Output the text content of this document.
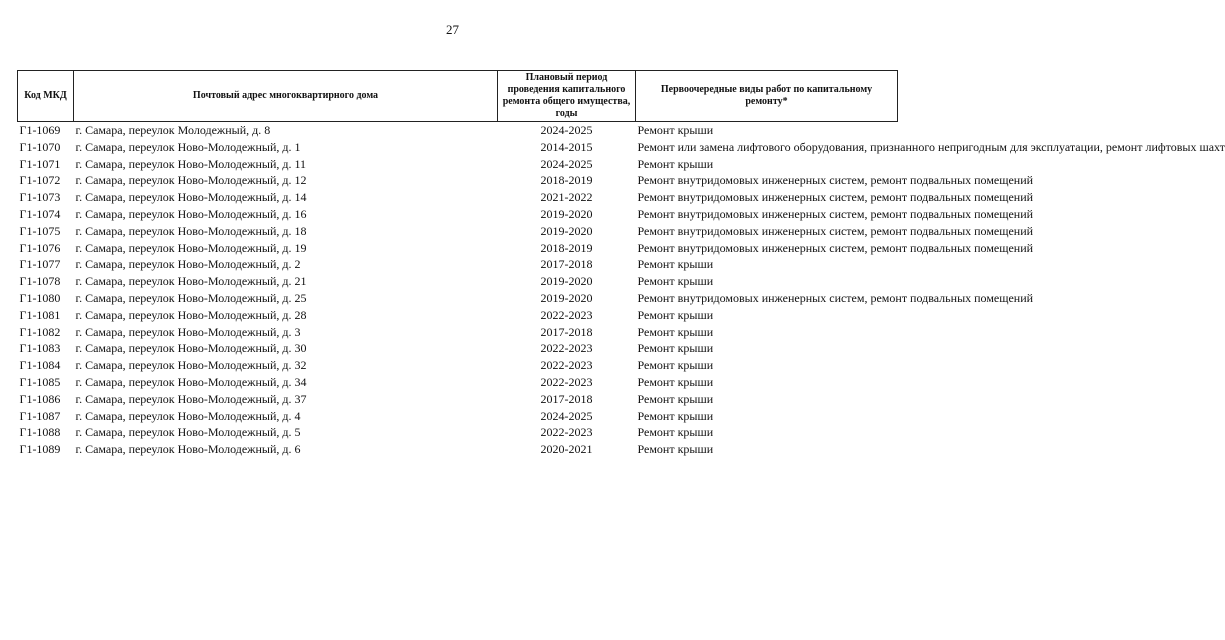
27
Код МКД	Почтовый адрес многоквартирного дома	Плановый период проведения капитального ремонта общего имущества, годы	Первоочередные виды работ по капитальному ремонту*
Г1-1069	г. Самара, переулок Молодежный, д. 8	2024-2025	Ремонт крыши
Г1-1070	г. Самара, переулок Ново-Молодежный, д. 1	2014-2015	Ремонт или замена лифтового оборудования, признанного непригодным для эксплуатации, ремонт лифтовых шахт
Г1-1071	г. Самара, переулок Ново-Молодежный, д. 11	2024-2025	Ремонт крыши
Г1-1072	г. Самара, переулок Ново-Молодежный, д. 12	2018-2019	Ремонт внутридомовых инженерных систем, ремонт подвальных помещений
Г1-1073	г. Самара, переулок Ново-Молодежный, д. 14	2021-2022	Ремонт внутридомовых инженерных систем, ремонт подвальных помещений
Г1-1074	г. Самара, переулок Ново-Молодежный, д. 16	2019-2020	Ремонт внутридомовых инженерных систем, ремонт подвальных помещений
Г1-1075	г. Самара, переулок Ново-Молодежный, д. 18	2019-2020	Ремонт внутридомовых инженерных систем, ремонт подвальных помещений
Г1-1076	г. Самара, переулок Ново-Молодежный, д. 19	2018-2019	Ремонт внутридомовых инженерных систем, ремонт подвальных помещений
Г1-1077	г. Самара, переулок Ново-Молодежный, д. 2	2017-2018	Ремонт крыши
Г1-1078	г. Самара, переулок Ново-Молодежный, д. 21	2019-2020	Ремонт крыши
Г1-1080	г. Самара, переулок Ново-Молодежный, д. 25	2019-2020	Ремонт внутридомовых инженерных систем, ремонт подвальных помещений
Г1-1081	г. Самара, переулок Ново-Молодежный, д. 28	2022-2023	Ремонт крыши
Г1-1082	г. Самара, переулок Ново-Молодежный, д. 3	2017-2018	Ремонт крыши
Г1-1083	г. Самара, переулок Ново-Молодежный, д. 30	2022-2023	Ремонт крыши
Г1-1084	г. Самара, переулок Ново-Молодежный, д. 32	2022-2023	Ремонт крыши
Г1-1085	г. Самара, переулок Ново-Молодежный, д. 34	2022-2023	Ремонт крыши
Г1-1086	г. Самара, переулок Ново-Молодежный, д. 37	2017-2018	Ремонт крыши
Г1-1087	г. Самара, переулок Ново-Молодежный, д. 4	2024-2025	Ремонт крыши
Г1-1088	г. Самара, переулок Ново-Молодежный, д. 5	2022-2023	Ремонт крыши
Г1-1089	г. Самара, переулок Ново-Молодежный, д. 6	2020-2021	Ремонт крыши
